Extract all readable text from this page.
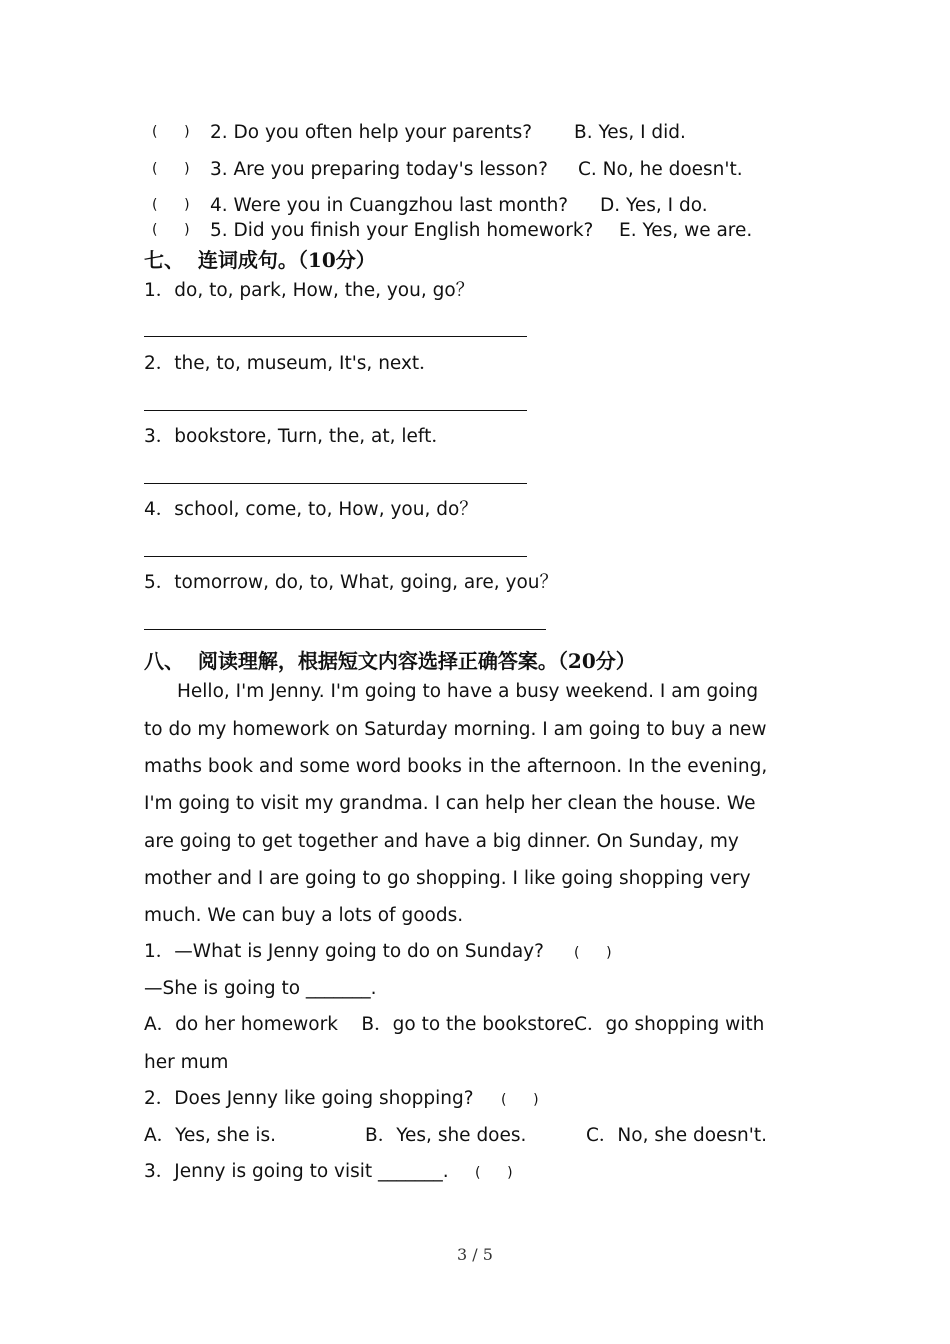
(      ) 2. Do you often help your parents? B. Yes, I did.
(      ) 3. Are you preparing today's lesson? C. No, he doesn't.
(      ) 4. Were you in Cuangzhou last month? D. Yes, I do.
(      ) 5. Did you finish your English homework? E. Yes, we are.
七、  连词成句。（10分）
1．do, to, park, How, the, you, go？
2．the, to, museum, It's, next．
3．bookstore, Turn, the, at, left．
4．school, come, to, How, you, do？
5．tomorrow, do, to, What, going, are, you？
八、  阅读理解，根据短文内容选择正确答案。（20分）
Hello, I'm Jenny. I'm going to have a busy weekend. I am going
to do my homework on Saturday morning. I am going to buy a new
maths book and some word books in the afternoon. In the evening,
I'm going to visit my grandma. I can help her clean the house. We
are going to get together and have a big dinner. On Sunday, my
mother and I are going to go shopping. I like going shopping very
much. We can buy a lots of goods.
1．—What is Jenny going to do on Sunday? (      )
—She is going to _______.
A．do her homework    B．go to the bookstoreC．go shopping with
her mum
2．Does Jenny like going shopping? (      )
A．Yes, she is.	B．Yes, she does.	C．No, she doesn't.
3．Jenny is going to visit _______. (      )
3 / 5
